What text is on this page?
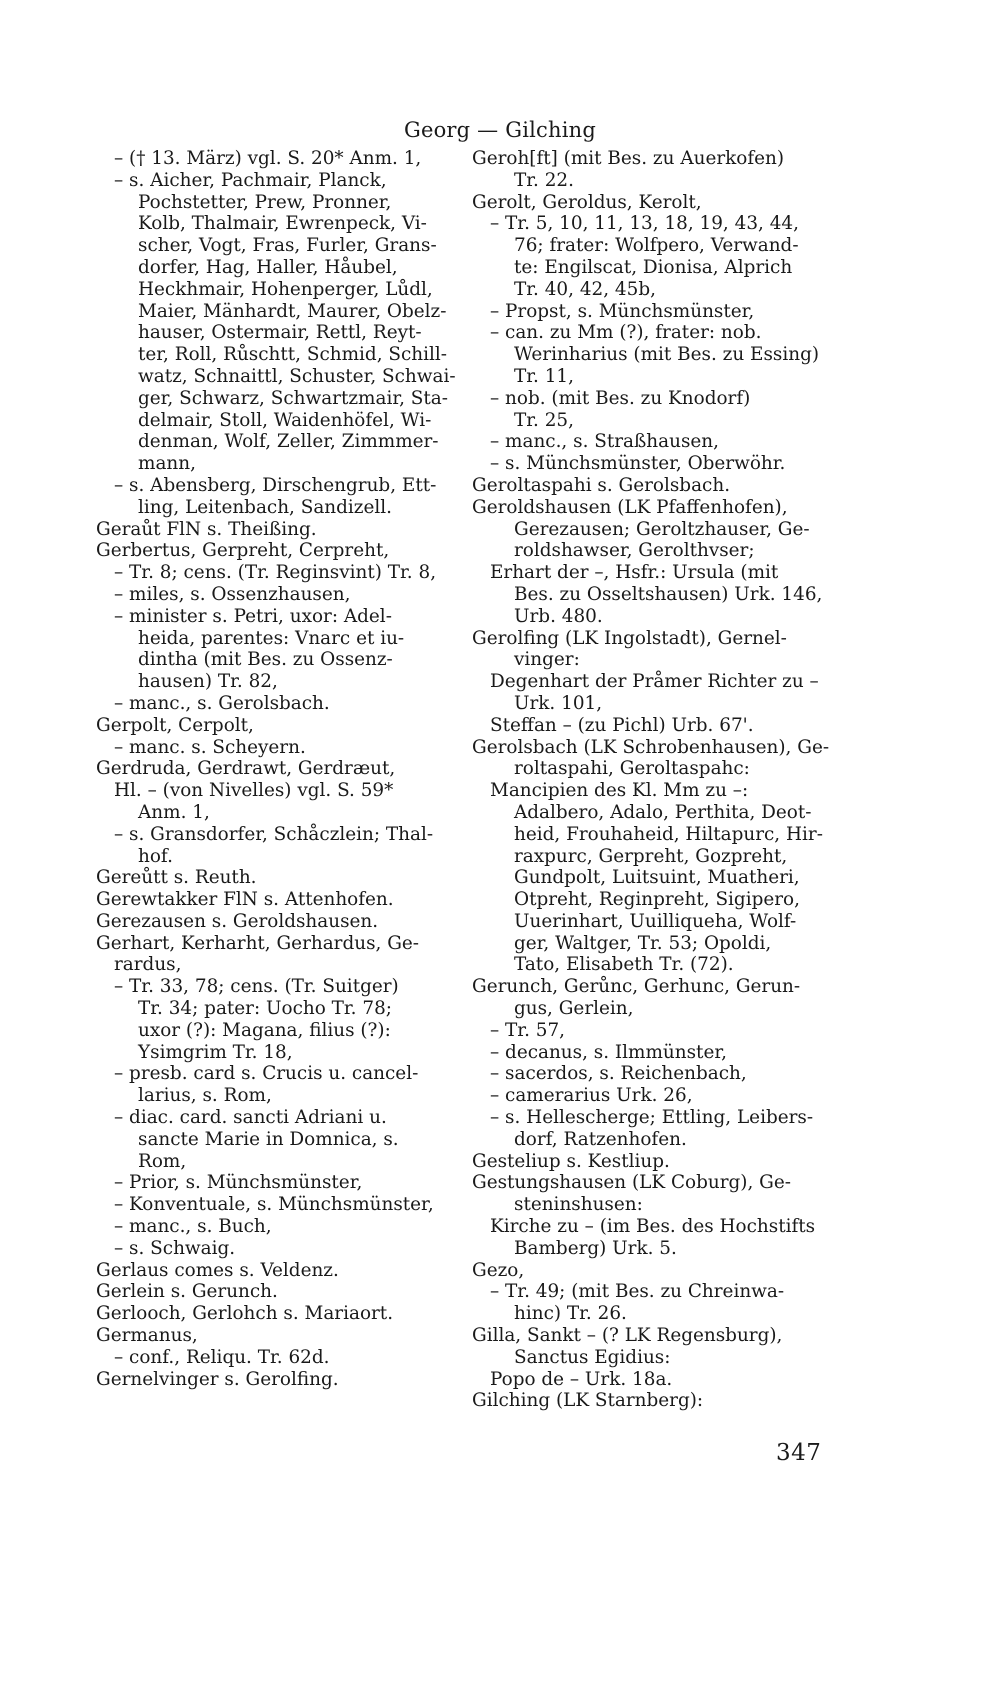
Georg — Gilching
– († 13. März) vgl. S. 20* Anm. 1,
– s. Aicher, Pachmair, Planck,
Pochstetter, Prew, Pronner,
Kolb, Thalmair, Ewrenpeck, Vi-
scher, Vogt, Fras, Furler, Grans-
dorfer, Hag, Haller, Håubel,
Heckhmair, Hohenperger, Lůdl,
Maier, Mänhardt, Maurer, Obelz-
hauser, Ostermair, Rettl, Reyt-
ter, Roll, Růschtt, Schmid, Schill-
watz, Schnaittl, Schuster, Schwai-
ger, Schwarz, Schwartzmair, Sta-
delmair, Stoll, Waidenhöfel, Wi-
denman, Wolf, Zeller, Zimmmer-
mann,
– s. Abensberg, Dirschengrub, Ett-
ling, Leitenbach, Sandizell.
Geraůt FlN s. Theißing.
Gerbertus, Gerpreht, Cerpreht,
– Tr. 8; cens. (Tr. Reginsvint) Tr. 8,
– miles, s. Ossenzhausen,
– minister s. Petri, uxor: Adel-
heida, parentes: Vnarc et iu-
dintha (mit Bes. zu Ossenz-
hausen) Tr. 82,
– manc., s. Gerolsbach.
Gerpolt, Cerpolt,
– manc. s. Scheyern.
Gerdruda, Gerdrawt, Gerdræut,
Hl. – (von Nivelles) vgl. S. 59*
Anm. 1,
– s. Gransdorfer, Schåczlein; Thal-
hof.
Gereůtt s. Reuth.
Gerewtakker FlN s. Attenhofen.
Gerezausen s. Geroldshausen.
Gerhart, Kerharht, Gerhardus, Ge-
rardus,
– Tr. 33, 78; cens. (Tr. Suitger)
Tr. 34; pater: Uocho Tr. 78;
uxor (?): Magana, filius (?):
Ysimgrim Tr. 18,
– presb. card s. Crucis u. cancel-
larius, s. Rom,
– diac. card. sancti Adriani u.
sancte Marie in Domnica, s.
Rom,
– Prior, s. Münchsmünster,
– Konventuale, s. Münchsmünster,
– manc., s. Buch,
– s. Schwaig.
Gerlaus comes s. Veldenz.
Gerlein s. Gerunch.
Gerlooch, Gerlohch s. Mariaort.
Germanus,
– conf., Reliqu. Tr. 62d.
Gernelvinger s. Gerolfing.
Geroh[ft] (mit Bes. zu Auerkofen)
Tr. 22.
Gerolt, Geroldus, Kerolt,
– Tr. 5, 10, 11, 13, 18, 19, 43, 44,
76; frater: Wolfpero, Verwand-
te: Engilscat, Dionisa, Alprich
Tr. 40, 42, 45b,
– Propst, s. Münchsmünster,
– can. zu Mm (?), frater: nob.
Werinharius (mit Bes. zu Essing)
Tr. 11,
– nob. (mit Bes. zu Knodorf)
Tr. 25,
– manc., s. Straßhausen,
– s. Münchsmünster, Oberwöhr.
Geroltaspahi s. Gerolsbach.
Geroldshausen (LK Pfaffenhofen),
Gerezausen; Geroltzhauser, Ge-
roldshawser, Gerolthvser;
Erhart der –, Hsfr.: Ursula (mit
Bes. zu Osseltshausen) Urk. 146,
Urb. 480.
Gerolfing (LK Ingolstadt), Gernel-
vinger:
Degenhart der Pråmer Richter zu –
Urk. 101,
Steffan – (zu Pichl) Urb. 67'.
Gerolsbach (LK Schrobenhausen), Ge-
roltaspahi, Geroltaspahc:
Mancipien des Kl. Mm zu –:
Adalbero, Adalo, Perthita, Deot-
heid, Frouhaheid, Hiltapurc, Hir-
raxpurc, Gerpreht, Gozpreht,
Gundpolt, Luitsuint, Muatheri,
Otpreht, Reginpreht, Sigipero,
Uuerinhart, Uuilliqueha, Wolf-
ger, Waltger, Tr. 53; Opoldi,
Tato, Elisabeth Tr. (72).
Gerunch, Gerůnc, Gerhunc, Gerun-
gus, Gerlein,
– Tr. 57,
– decanus, s. Ilmmünster,
– sacerdos, s. Reichenbach,
– camerarius Urk. 26,
– s. Hellescherge; Ettling, Leibers-
dorf, Ratzenhofen.
Gesteliup s. Kestliup.
Gestungshausen (LK Coburg), Ge-
steninshusen:
Kirche zu – (im Bes. des Hochstifts
Bamberg) Urk. 5.
Gezo,
– Tr. 49; (mit Bes. zu Chreinwa-
hinc) Tr. 26.
Gilla, Sankt – (? LK Regensburg),
Sanctus Egidius:
Popo de – Urk. 18a.
Gilching (LK Starnberg):
347
